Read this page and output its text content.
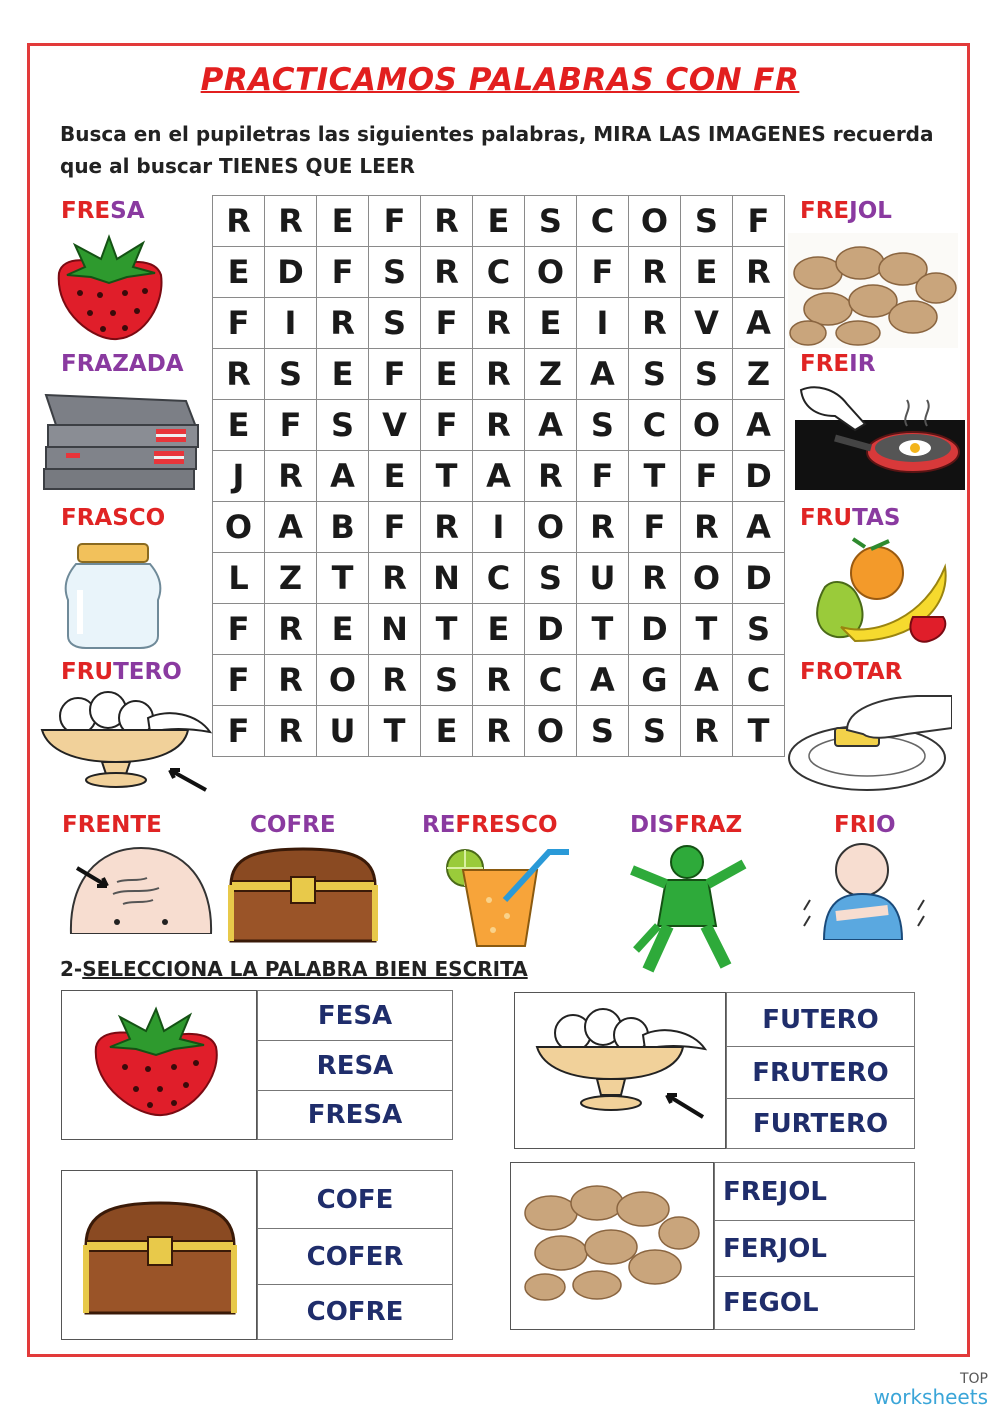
PRACTICAMOS PALABRAS CON FR
Busca en el pupiletras las siguientes palabras, MIRA LAS IMAGENES recuerda
que al buscar TIENES QUE LEER
R	R	E	F	R	E	S	C	O	S	F
E	D	F	S	R	C	O	F	R	E	R
F	I	R	S	F	R	E	I	R	V	A
R	S	E	F	E	R	Z	A	S	S	Z
E	F	S	V	F	R	A	S	C	O	A
J	R	A	E	T	A	R	F	T	F	D
O	A	B	F	R	I	O	R	F	R	A
L	Z	T	R	N	C	S	U	R	O	D
F	R	E	N	T	E	D	T	D	T	S
F	R	O	R	S	R	C	A	G	A	C
F	R	U	T	E	R	O	S	S	R	T
FRESA
FRAZADA
FRASCO
FRUTERO
FREJOL
FREIR
FRUTAS
FROTAR
FRENTE	COFRE	REFRESCO	DISFRAZ	FRIO
2-SELECCIONA LA PALABRA BIEN ESCRITA
FESA
RESA
FRESA
FUTERO
FRUTERO
FURTERO
COFE
COFER
COFRE
FREJOL
FERJOL
FEGOL
TOP
worksheets
